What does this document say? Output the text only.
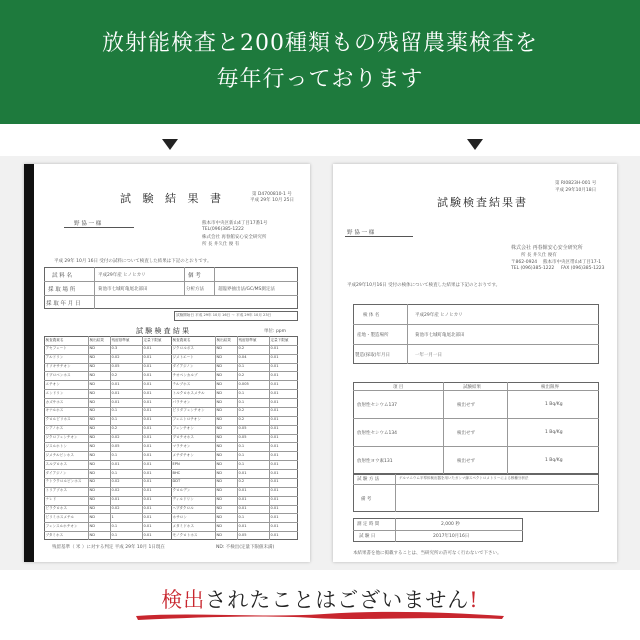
放射能検査と200種類もの残留農薬検査を
毎年行っております
第 D4700810-1 号
平成 29年 10月 25日
試 験 結 果 書
野 協 一 様	熊本市中央区新山4丁目17番1号
TEL(096)385-1222
株式会社 再春館安心安全研究所
所 長 井久仕 俊 有
平成 29年 10月 16日 受付の試料について検査した結果は下記のとおりです。
試 料 名	平成29年産 ヒノヒカリ	個 考
採 取 場 所	菊池市七城町亀尾北部田	分析方法	超臨界抽出法/GC/MS測定法
採 取 年 月 日
試験開始日 平成 29年 10月 16日 ～ 平成 29年 10月 23日
試 験 検 査 結 果	単位: ppm
検査農薬名	検出結果 残留基準値	定量下限値	検査農薬名	検出結果 残留基準値	定量下限値
アセフェート	ND	0.3	0.01	ジクロルボス	ND	0.2	0.01
アルドリン	ND	0.02	0.01	ジメトエート	ND	0.04	0.01
イソキサチオン	ND	0.05	0.01	ダイアジノン	ND	0.1	0.01
イプロベンホス	ND	0.2	0.01	チオベンカルブ	ND	0.2	0.01
エチオン	ND	0.01	0.01	テルブホス	ND	0.005	0.01
エンドリン	ND	0.01	0.01	トルクロホスメチル	ND	0.1	0.01
カズサホス	ND	0.01	0.01	パラチオン	ND	0.1	0.01
キナルホス	ND	0.1	0.01	ピリダフェンチオン	ND	0.2	0.01
クロルピリホス	ND	0.1	0.01	フェニトロチオン	ND	0.2	0.01
シアノホス	ND	0.2	0.01	フェンチオン	ND	0.05	0.01
ジクロフェンチオン	ND	0.02	0.01	プロチオホス	ND	0.05	0.01
ジスルホトン	ND	0.05	0.01	マラチオン	ND	0.1	0.01
ジメチルビンホス	ND	0.1	0.01	メチダチオン	ND	0.1	0.01
スルプロホス	ND	0.01	0.01	EPN	ND	0.1	0.01
ダイアジノン	ND	0.1	0.01	BHC	ND	0.01	0.01
テトラクロルビンホス ND	0.02	0.01	DDT	ND	0.2	0.01
トリアゾホス	ND	0.02	0.01	クロルデン	ND	0.01	0.01
ナレド	ND	0.01	0.01	ディルドリン	ND	0.01	0.01
ピラクロホス	ND	0.02	0.01	ヘプタクロル	ND	0.01	0.01
ピリミホスメチル	ND	1	0.01	ホサロン	ND	0.1	0.01
フェンスルホチオン	ND	0.1	0.01	メタミドホス	ND	0.01	0.01
ブタミホス	ND	0.1	0.01	モノクロトホス	ND	0.05	0.01
残留基準（ 米 ）に対する判定 平成 29年 10月 1日現在	ND: 不検出(定量下限値未満)
第 RI0823H-001 号
平成 29年10月18日
試験検査結果書
野 協 一 様
株式会社 再春館安心安全研究所
所 長 井久仕 俊有
〒862-0924 熊本市中央区帯山4丁目17-1
TEL (096)385-1222 FAX (096)385-1223
平成29年10月16日 受付の検体について検査した結果は下記のとおりです。
検 体 名	平成29年産 ヒノヒカリ
産地・製造場所	菊池市七城町亀尾北部田
製造(採取)年月日	一年一月一日
項 目	試験結果	検出限界
放射性セシウム137	検出せず	1 Bq/Kg
放射性セシウム134	検出せず	1 Bq/Kg
放射性ヨウ素131	検出せず	1 Bq/Kg
試 験 方 法	ゲルマニウム半導体検出器を用いたガンマ線スペクトロメトリーによる核種分析法
備 考
測 定 時 間	2,000 秒
試 験 日	2017年10月16日
本結果書を他に掲載することは、当研究所の許可なく行わないで下さい。
検出されたことはございません!
